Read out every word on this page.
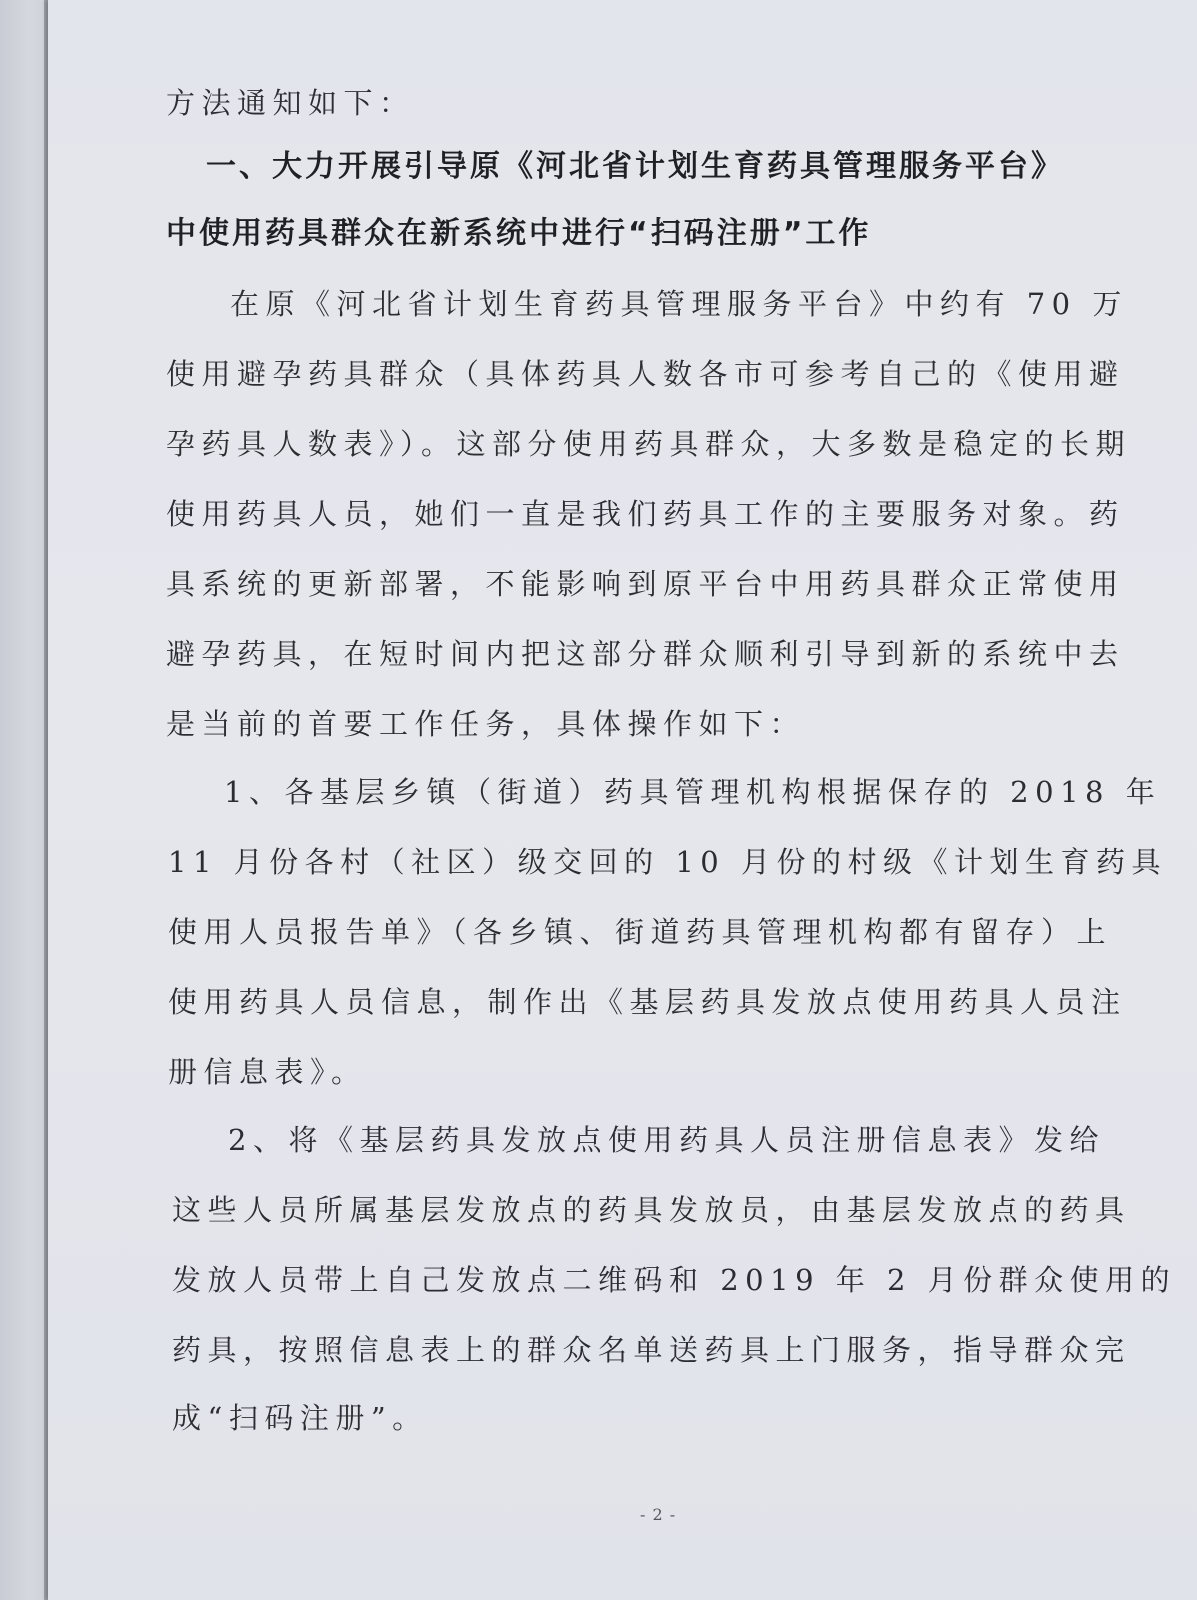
方法通知如下：
一、大力开展引导原《河北省计划生育药具管理服务平台》
中使用药具群众在新系统中进行“扫码注册”工作
在原《河北省计划生育药具管理服务平台》中约有 70 万
使用避孕药具群众（具体药具人数各市可参考自己的《使用避
孕药具人数表》）。这部分使用药具群众，大多数是稳定的长期
使用药具人员，她们一直是我们药具工作的主要服务对象。药
具系统的更新部署，不能影响到原平台中用药具群众正常使用
避孕药具，在短时间内把这部分群众顺利引导到新的系统中去
是当前的首要工作任务，具体操作如下：
1、各基层乡镇（街道）药具管理机构根据保存的 2018 年
11 月份各村（社区）级交回的 10 月份的村级《计划生育药具
使用人员报告单》（各乡镇、街道药具管理机构都有留存）上
使用药具人员信息，制作出《基层药具发放点使用药具人员注
册信息表》。
2、将《基层药具发放点使用药具人员注册信息表》发给
这些人员所属基层发放点的药具发放员，由基层发放点的药具
发放人员带上自己发放点二维码和 2019 年 2 月份群众使用的
药具，按照信息表上的群众名单送药具上门服务，指导群众完
成“扫码注册”。
- 2 -
